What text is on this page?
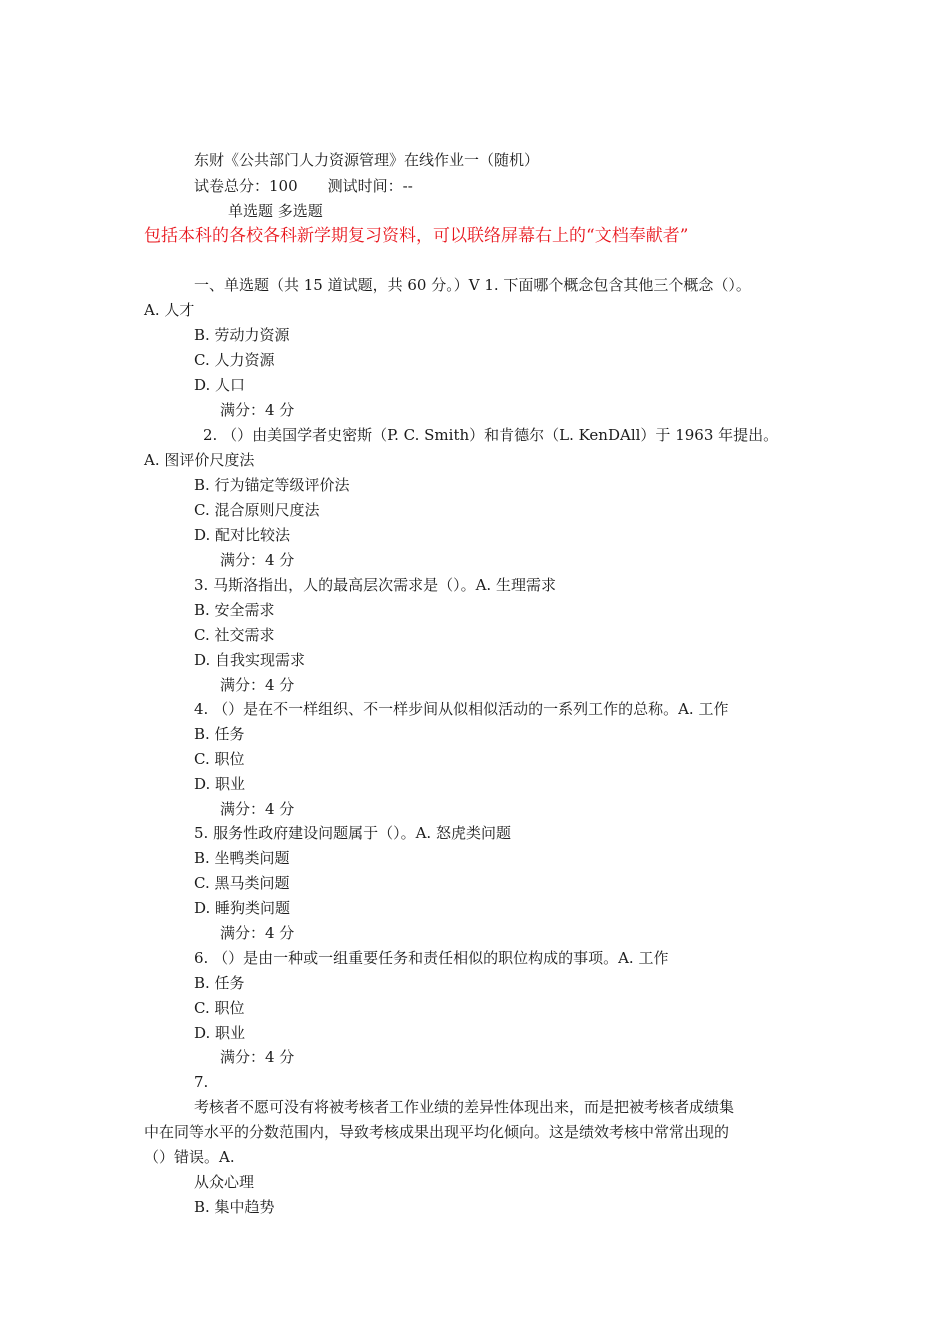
东财《公共部门人力资源管理》在线作业一（随机）
试卷总分：100　　测试时间：--
单选题 多选题
包括本科的各校各科新学期复习资料，可以联络屏幕右上的“文档奉献者”
一、单选题（共 15 道试题，共 60 分。）V 1. 下面哪个概念包含其他三个概念（）。
A. 人才
B. 劳动力资源
C. 人力资源
D. 人口
满分：4 分
2. （）由美国学者史密斯（P. C. Smith）和肯德尔（L. KenDAll）于 1963 年提出。
A. 图评价尺度法
B. 行为锚定等级评价法
C. 混合原则尺度法
D. 配对比较法
满分：4 分
3. 马斯洛指出，人的最高层次需求是（）。A. 生理需求
B. 安全需求
C. 社交需求
D. 自我实现需求
满分：4 分
4. （）是在不一样组织、不一样步间从似相似活动的一系列工作的总称。A. 工作
B. 任务
C. 职位
D. 职业
满分：4 分
5. 服务性政府建设问题属于（）。A. 怒虎类问题
B. 坐鸭类问题
C. 黑马类问题
D. 睡狗类问题
满分：4 分
6. （）是由一种或一组重要任务和责任相似的职位构成的事项。A. 工作
B. 任务
C. 职位
D. 职业
满分：4 分
7.
考核者不愿可没有将被考核者工作业绩的差异性体现出来，而是把被考核者成绩集
中在同等水平的分数范围内，导致考核成果出现平均化倾向。这是绩效考核中常常出现的
（）错误。A.
从众心理
B. 集中趋势
